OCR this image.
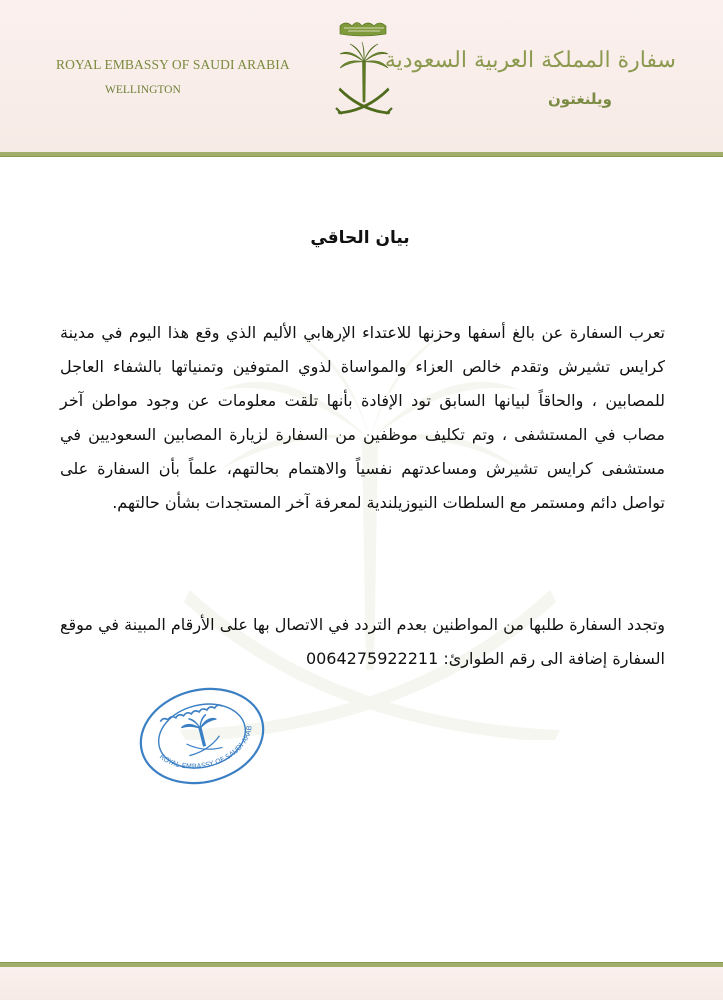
ROYAL EMBASSY OF SAUDI ARABIA
WELLINGTON
سفارة المملكة العربية السعودية
ويلنغتون
بيان الحاقي

تعرب السفارة عن بالغ أسفها وحزنها للاعتداء الإرهابي الأليم الذي وقع هذا اليوم في مدينة كرايس تشيرش وتقدم خالص العزاء والمواساة لذوي المتوفين وتمنياتها بالشفاء العاجل للمصابين ، والحاقاً لبيانها السابق تود الإفادة بأنها تلقت معلومات عن وجود مواطن آخر مصاب في المستشفى ، وتم تكليف موظفين من السفارة لزيارة المصابين السعوديين في مستشفى كرايس تشيرش ومساعدتهم نفسياً والاهتمام بحالتهم، علماً بأن السفارة على تواصل دائم ومستمر مع السلطات النيوزيلندية لمعرفة آخر المستجدات بشأن حالتهم.

وتجدد السفارة طلبها من المواطنين بعدم التردد في الاتصال بها على الأرقام المبينة في موقع السفارة إضافة الى رقم الطوارئ: 0064275922211

ROYAL EMBASSY OF SAUDI ARABIA
